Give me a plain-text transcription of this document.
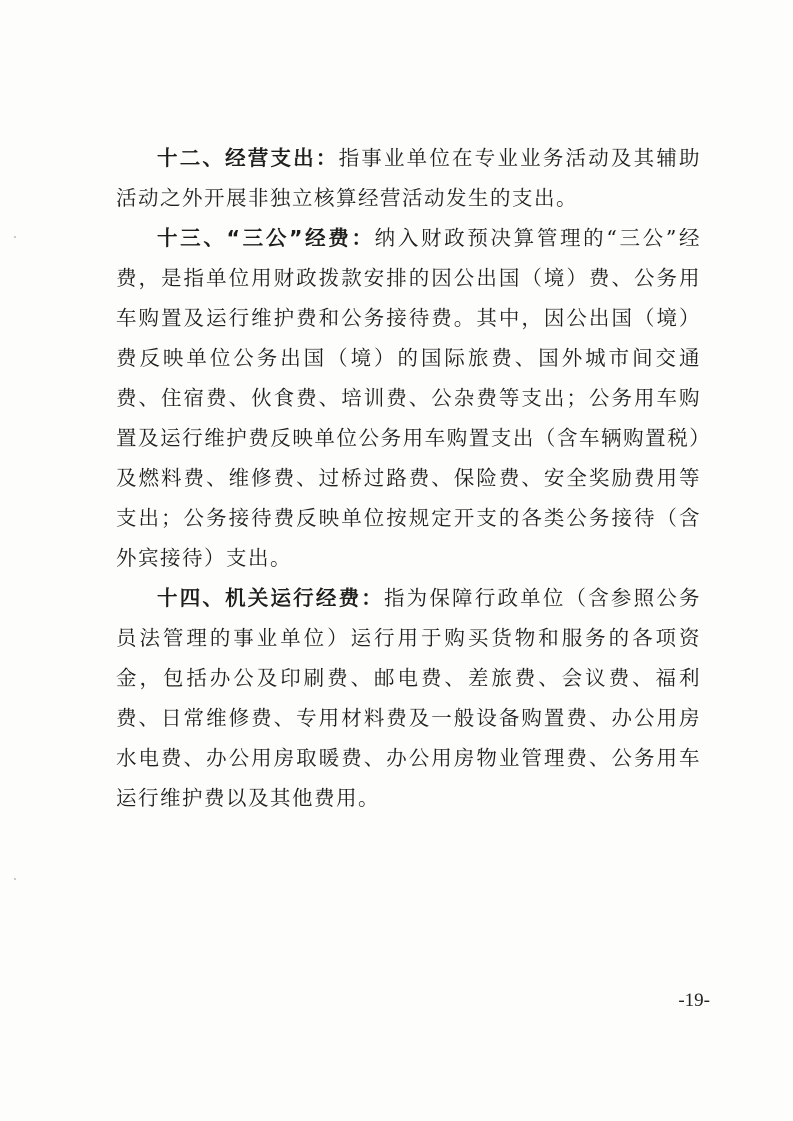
十二、经营支出：指事业单位在专业业务活动及其辅助活动之外开展非独立核算经营活动发生的支出。

十三、“三公”经费：纳入财政预决算管理的“三公”经费，是指单位用财政拨款安排的因公出国（境）费、公务用车购置及运行维护费和公务接待费。其中，因公出国（境）费反映单位公务出国（境）的国际旅费、国外城市间交通费、住宿费、伙食费、培训费、公杂费等支出；公务用车购置及运行维护费反映单位公务用车购置支出（含车辆购置税）及燃料费、维修费、过桥过路费、保险费、安全奖励费用等支出；公务接待费反映单位按规定开支的各类公务接待（含外宾接待）支出。

十四、机关运行经费：指为保障行政单位（含参照公务员法管理的事业单位）运行用于购买货物和服务的各项资金，包括办公及印刷费、邮电费、差旅费、会议费、福利费、日常维修费、专用材料费及一般设备购置费、办公用房水电费、办公用房取暖费、办公用房物业管理费、公务用车运行维护费以及其他费用。

-19-
